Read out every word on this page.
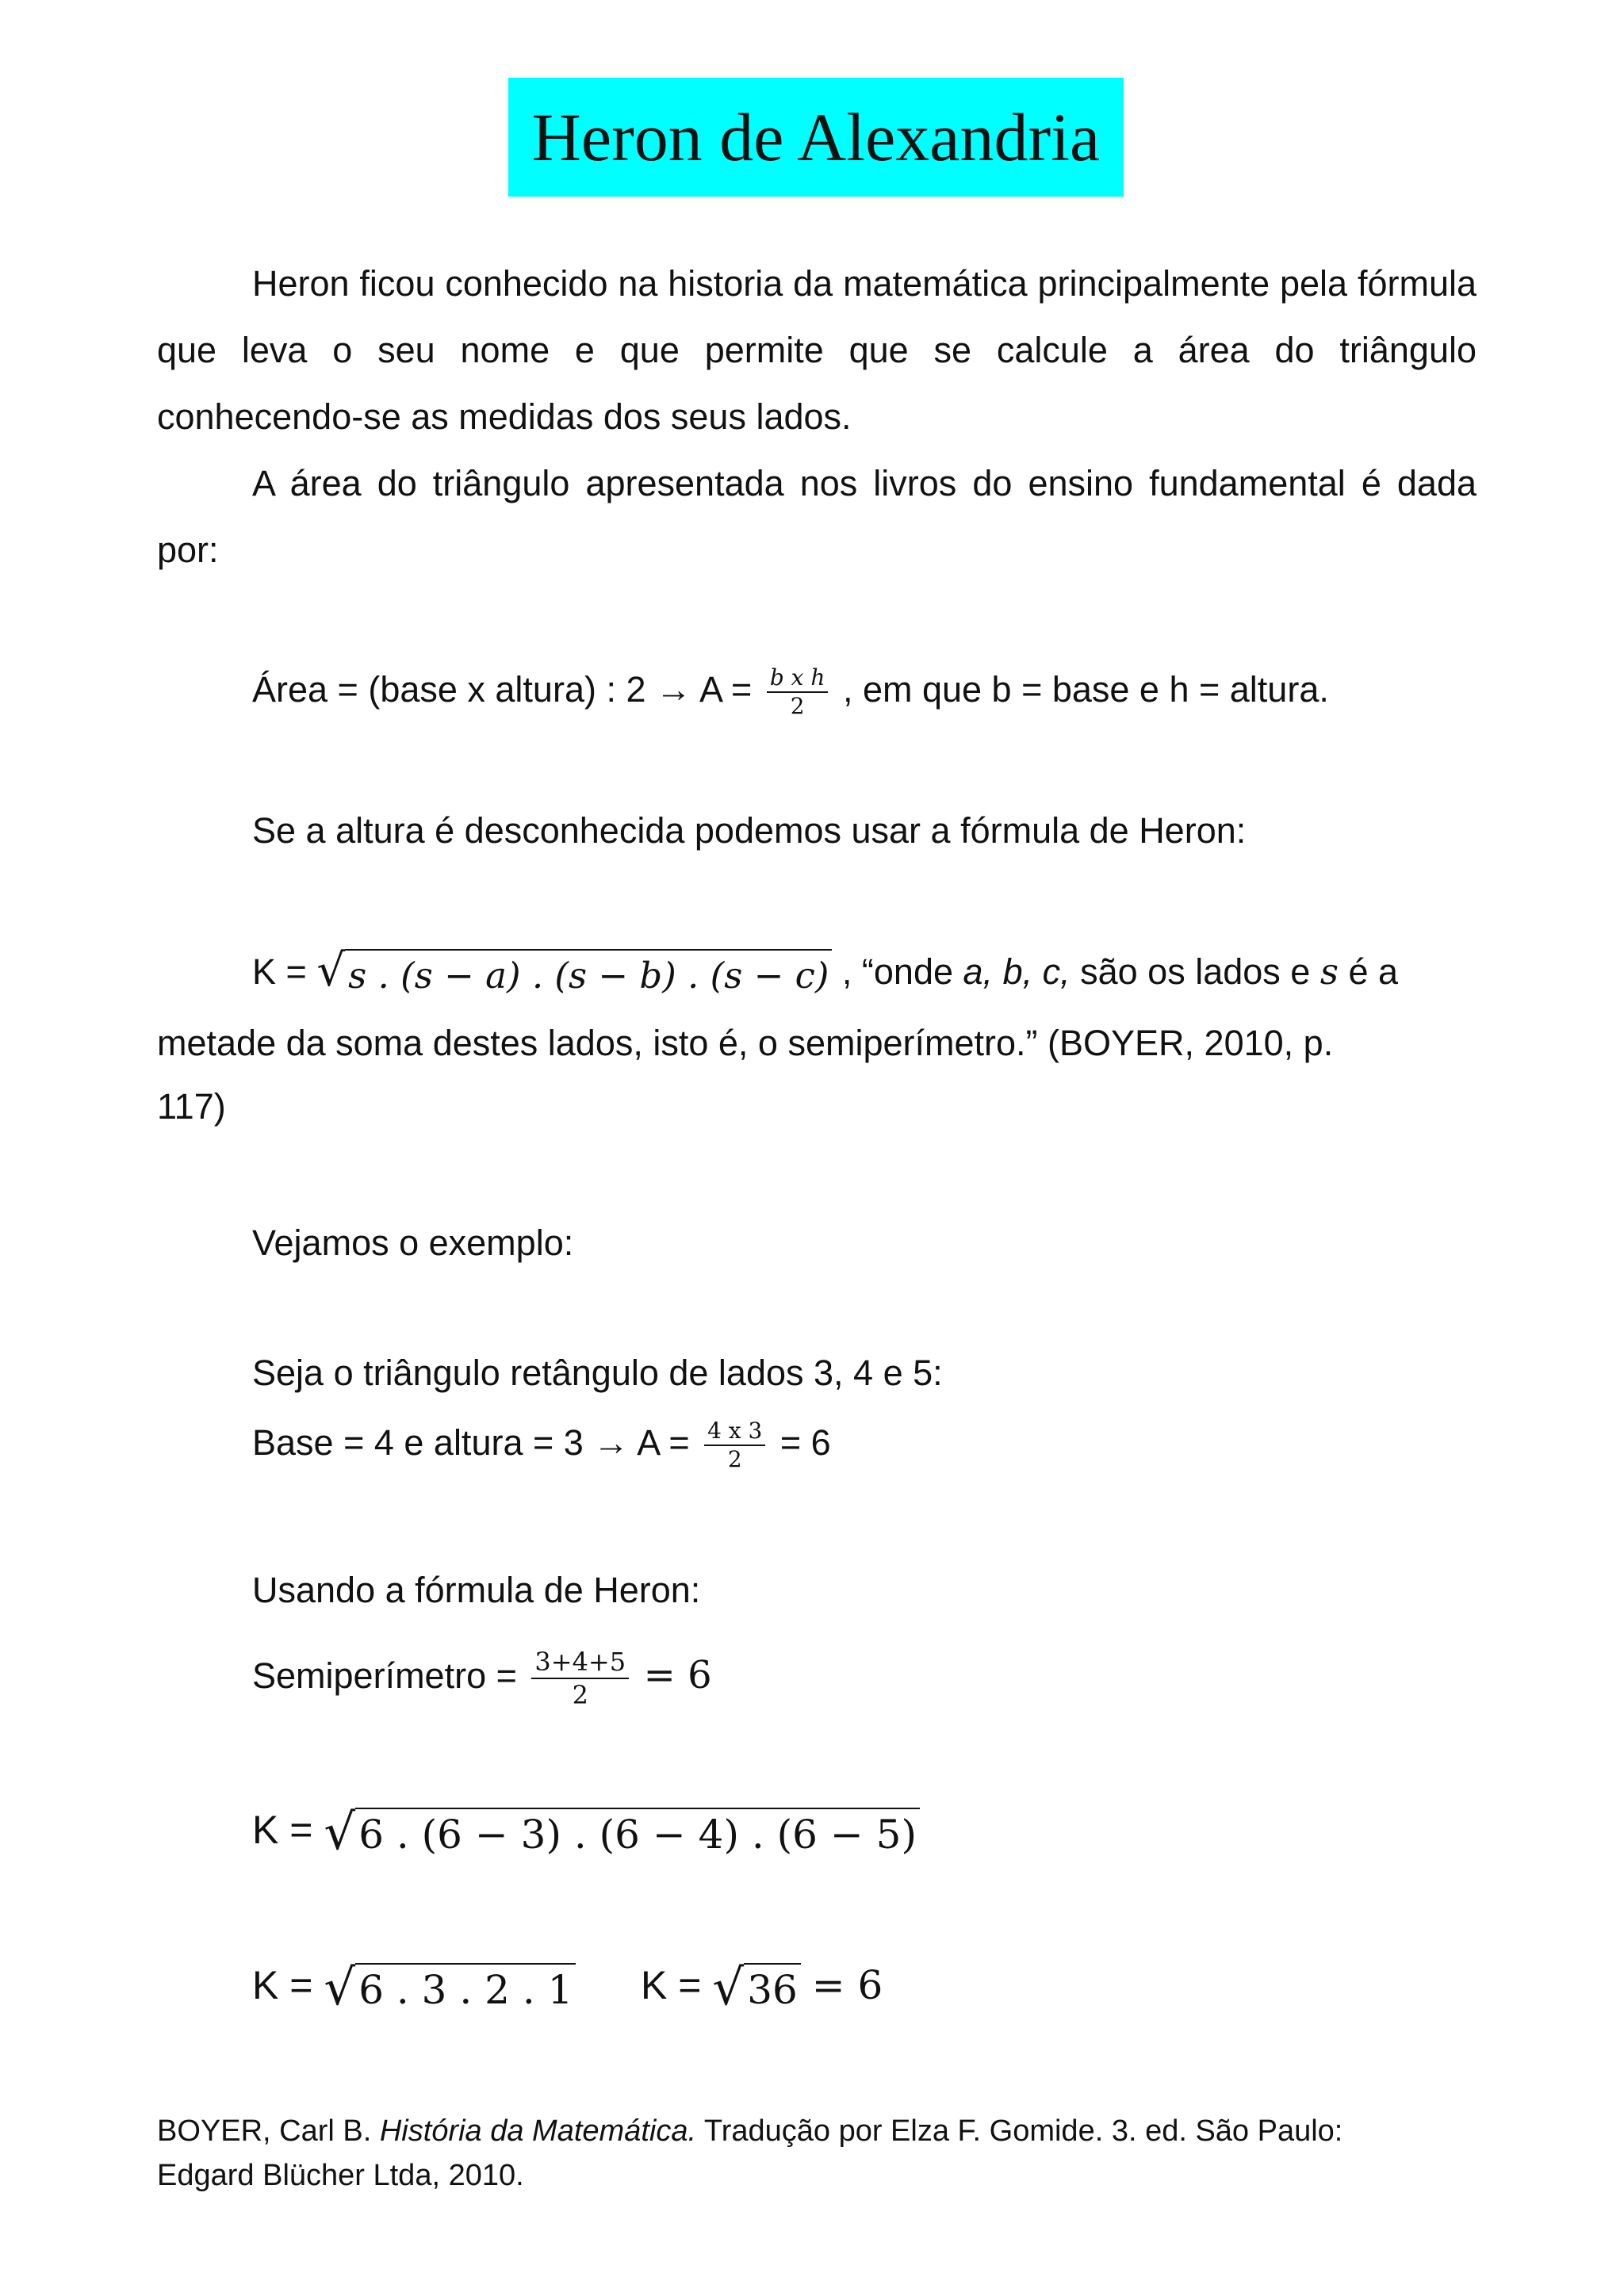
Heron de Alexandria

Heron ficou conhecido na historia da matemática principalmente pela fórmula que leva o seu nome e que permite que se calcule a área do triângulo conhecendo-se as medidas dos seus lados.

A área do triângulo apresentada nos livros do ensino fundamental é dada por:

Área = (base x altura) : $2 \to A = \frac{\text{b x h}}{2}$ , em que b = base e h = altura.
Se a altura é desconhecida podemos usar a fórmula de Heron:
K = √ s . (s − a) . (s − b) . (s − c) , “onde a, b, c, são os lados e s é a
metade da soma destes lados, isto é, o semiperímetro.” (BOYER, 2010, p.
117)
Vejamos o exemplo:
Seja o triângulo retângulo de lados 3, 4 e 5:
Base = 4 e altura = $3 \to A = \frac{4 x 3}{2} = 6$
Usando a fórmula de Heron:
Semiperímetro = $\frac{3+4+5}{2} = 6$
K = √ 6 . (6 − 3) . (6 − 4) . (6 − 5)
K = √ 6 . 3 . 2 . 1 K = √ 36 = 6

BOYER, Carl B. História da Matemática. Tradução por Elza F. Gomide. 3. ed. São Paulo: Edgard Blücher Ltda, 2010.
